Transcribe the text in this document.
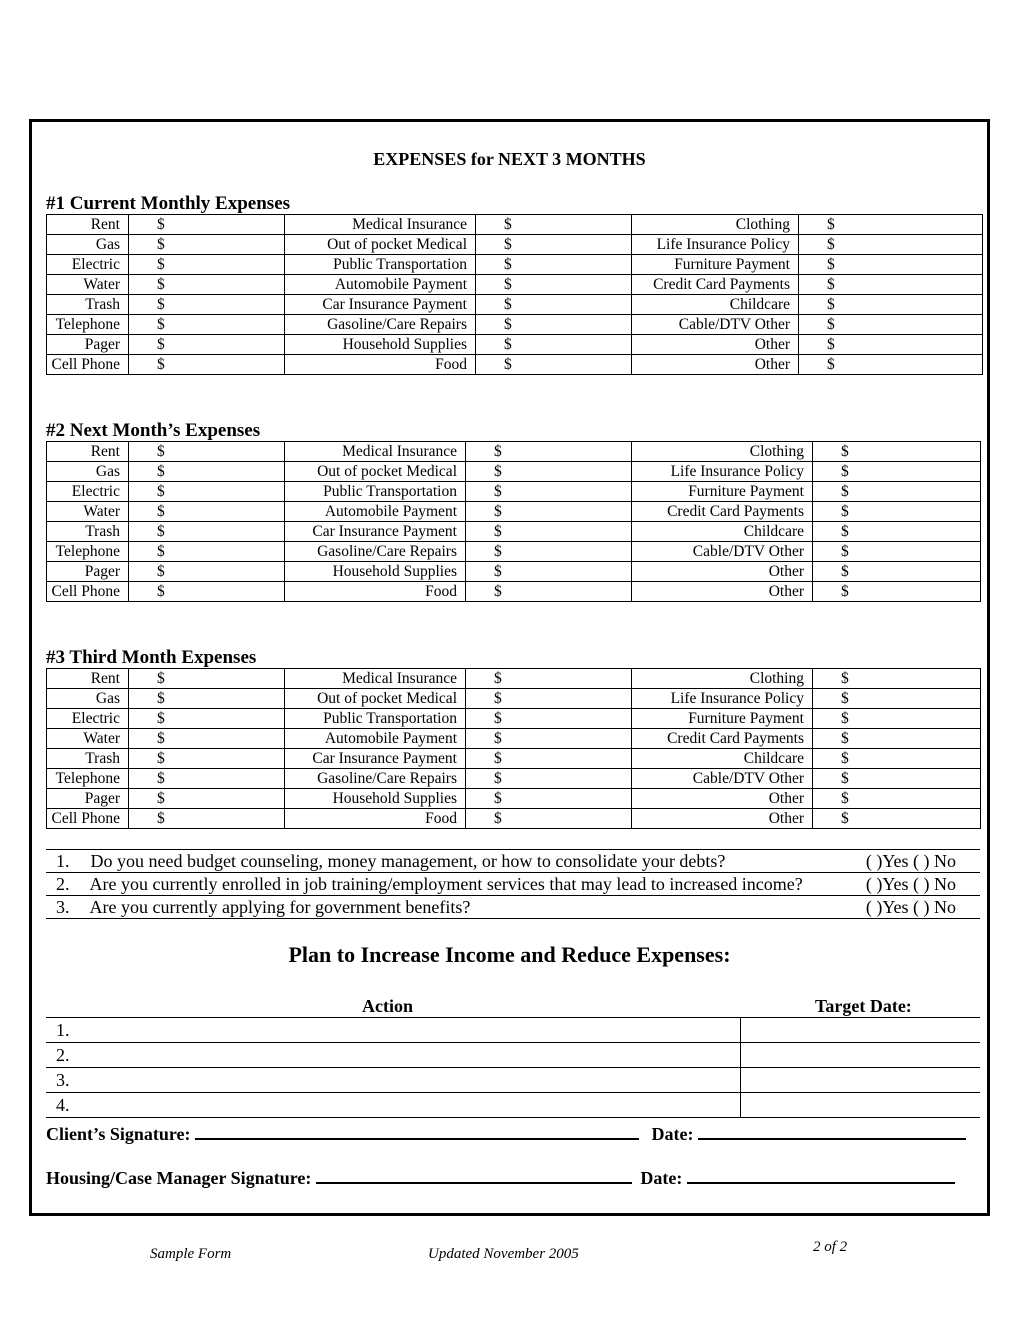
EXPENSES for NEXT 3 MONTHS
#1 Current Monthly Expenses
Rent	$	Medical Insurance	$	Clothing	$
Gas	$	Out of pocket Medical	$	Life Insurance Policy	$
Electric	$	Public Transportation	$	Furniture Payment	$
Water	$	Automobile Payment	$	Credit Card Payments	$
Trash	$	Car Insurance Payment	$	Childcare	$
Telephone	$	Gasoline/Care Repairs	$	Cable/DTV Other	$
Pager	$	Household Supplies	$	Other	$
Cell Phone	$	Food	$	Other	$
#2 Next Month’s Expenses
Rent	$	Medical Insurance	$	Clothing	$
Gas	$	Out of pocket Medical	$	Life Insurance Policy	$
Electric	$	Public Transportation	$	Furniture Payment	$
Water	$	Automobile Payment	$	Credit Card Payments	$
Trash	$	Car Insurance Payment	$	Childcare	$
Telephone	$	Gasoline/Care Repairs	$	Cable/DTV Other	$
Pager	$	Household Supplies	$	Other	$
Cell Phone	$	Food	$	Other	$
#3 Third Month Expenses
Rent	$	Medical Insurance	$	Clothing	$
Gas	$	Out of pocket Medical	$	Life Insurance Policy	$
Electric	$	Public Transportation	$	Furniture Payment	$
Water	$	Automobile Payment	$	Credit Card Payments	$
Trash	$	Car Insurance Payment	$	Childcare	$
Telephone	$	Gasoline/Care Repairs	$	Cable/DTV Other	$
Pager	$	Household Supplies	$	Other	$
Cell Phone	$	Food	$	Other	$
1. Do you need budget counseling, money management, or how to consolidate your debts?	( )Yes ( ) No
2. Are you currently enrolled in job training/employment services that may lead to increased income?	( )Yes ( ) No
3. Are you currently applying for government benefits?	( )Yes ( ) No
Plan to Increase Income and Reduce Expenses:
Action	Target Date:
1.	
2.	
3.	
4.	
Client’s Signature:	Date:
Housing/Case Manager Signature:	Date:
Sample Form	Updated November 2005	2 of 2
